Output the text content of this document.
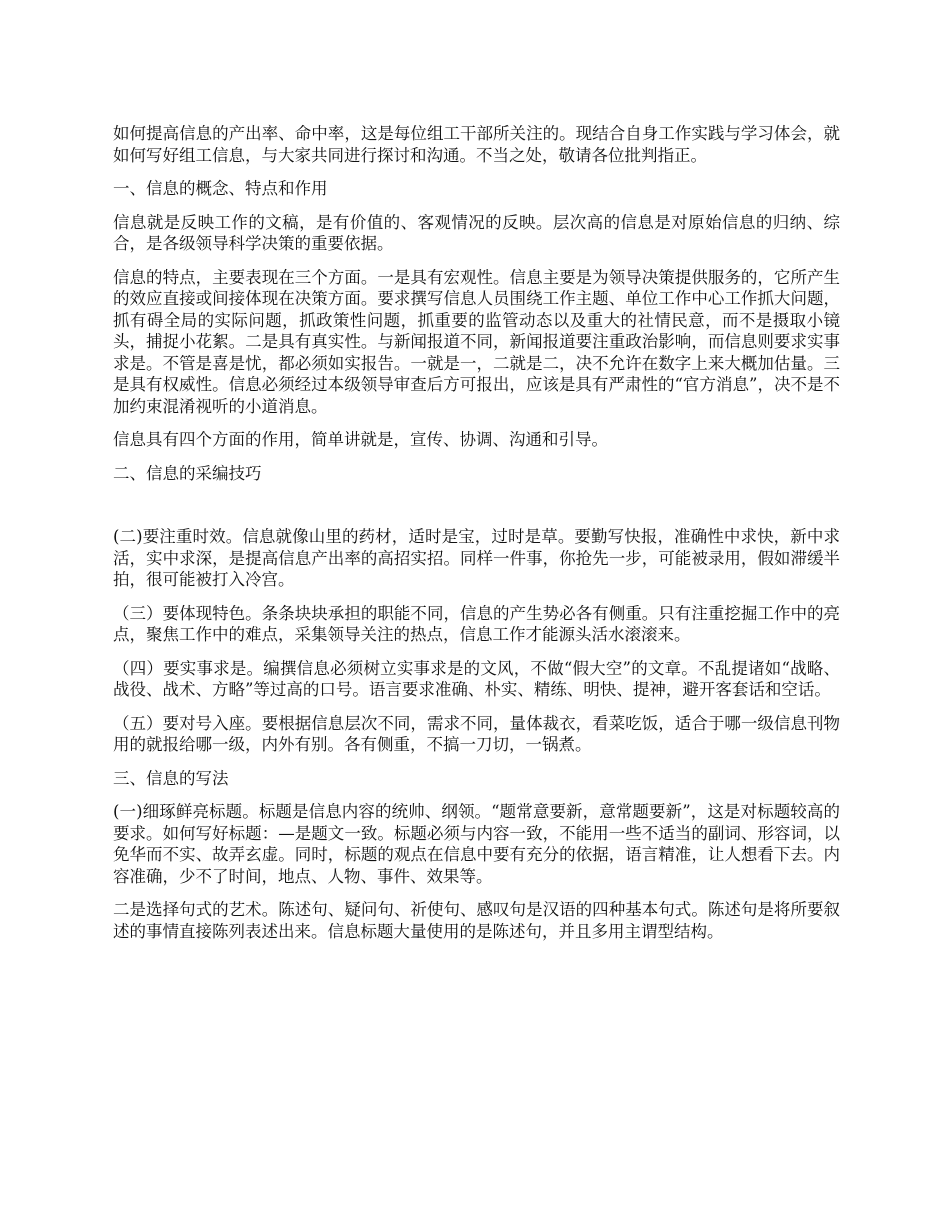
如何提高信息的产出率、命中率，这是每位组工干部所关注的。现结合自身工作实践与学习体会，就如何写好组工信息，与大家共同进行探讨和沟通。不当之处，敬请各位批判指正。

一、信息的概念、特点和作用

信息就是反映工作的文稿，是有价值的、客观情况的反映。层次高的信息是对原始信息的归纳、综合，是各级领导科学决策的重要依据。

信息的特点，主要表现在三个方面。一是具有宏观性。信息主要是为领导决策提供服务的，它所产生的效应直接或间接体现在决策方面。要求撰写信息人员围绕工作主题、单位工作中心工作抓大问题，抓有碍全局的实际问题，抓政策性问题，抓重要的监管动态以及重大的社情民意，而不是摄取小镜头，捕捉小花絮。二是具有真实性。与新闻报道不同，新闻报道要注重政治影响，而信息则要求实事求是。不管是喜是忧，都必须如实报告。一就是一，二就是二，决不允许在数字上来大概加估量。三是具有权威性。信息必须经过本级领导审查后方可报出，应该是具有严肃性的“官方消息”，决不是不加约束混淆视听的小道消息。

信息具有四个方面的作用，简单讲就是，宣传、协调、沟通和引导。

二、信息的采编技巧

(二)要注重时效。信息就像山里的药材，适时是宝，过时是草。要勤写快报，准确性中求快，新中求活，实中求深，是提高信息产出率的高招实招。同样一件事，你抢先一步，可能被录用，假如滞缓半拍，很可能被打入冷宫。

（三）要体现特色。条条块块承担的职能不同，信息的产生势必各有侧重。只有注重挖掘工作中的亮点，聚焦工作中的难点，采集领导关注的热点，信息工作才能源头活水滚滚来。

（四）要实事求是。编撰信息必须树立实事求是的文风，不做“假大空”的文章。不乱提诸如“战略、战役、战术、方略”等过高的口号。语言要求准确、朴实、精练、明快、提神，避开客套话和空话。

（五）要对号入座。要根据信息层次不同，需求不同，量体裁衣，看菜吃饭，适合于哪一级信息刊物用的就报给哪一级，内外有别。各有侧重，不搞一刀切，一锅煮。

三、信息的写法

(一)细琢鲜亮标题。标题是信息内容的统帅、纲领。“题常意要新，意常题要新”，这是对标题较高的要求。如何写好标题：—是题文一致。标题必须与内容一致，不能用一些不适当的副词、形容词，以免华而不实、故弄玄虚。同时，标题的观点在信息中要有充分的依据，语言精准，让人想看下去。内容准确，少不了时间，地点、人物、事件、效果等。

二是选择句式的艺术。陈述句、疑问句、祈使句、感叹句是汉语的四种基本句式。陈述句是将所要叙述的事情直接陈列表述出来。信息标题大量使用的是陈述句，并且多用主谓型结构。
